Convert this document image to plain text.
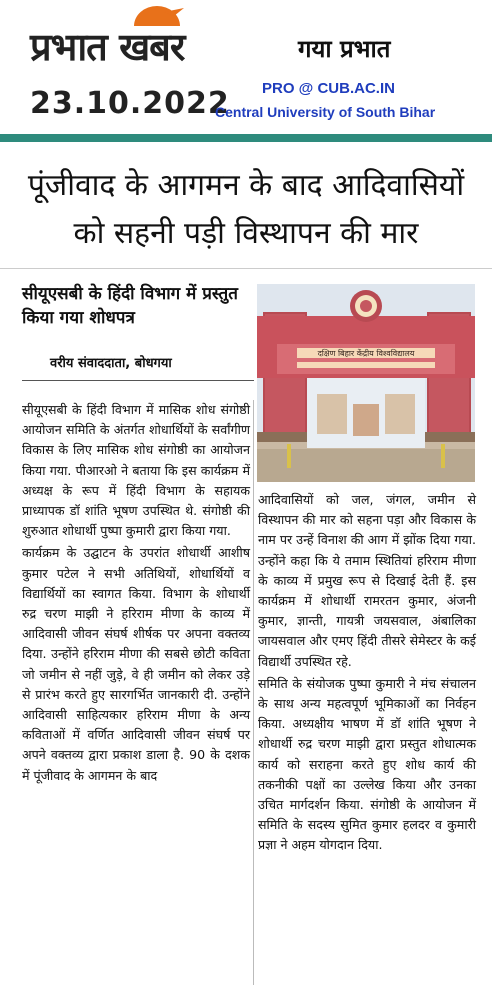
प्रभात खबर	गया प्रभात
23.10.2022 PRO @ CUB.AC.IN
Central University of South Bihar
पूंजीवाद के आगमन के बाद आदिवासियों
को सहनी पड़ी विस्थापन की मार
सीयूएसबी के हिंदी विभाग में प्रस्तुत किया गया शोधपत्र
वरीय संवाददाता, बोधगया
दक्षिण बिहार केंद्रीय विश्वविद्यालय

सीयूएसबी के हिंदी विभाग में मासिक शोध संगोष्ठी आयोजन समिति के अंतर्गत शोधार्थियों के सर्वांगीण विकास के लिए मासिक शोध संगोष्ठी का आयोजन किया गया. पीआरओ ने बताया कि इस कार्यक्रम में अध्यक्ष के रूप में हिंदी विभाग के सहायक प्राध्यापक डॉ शांति भूषण उपस्थित थे. संगोष्ठी की शुरुआत शोधार्थी पुष्पा कुमारी द्वारा किया गया.

कार्यक्रम के उद्घाटन के उपरांत शोधार्थी आशीष कुमार पटेल ने सभी अतिथियों, शोधार्थियों व विद्यार्थियों का स्वागत किया. विभाग के शोधार्थी रुद्र चरण माझी ने हरिराम मीणा के काव्य में आदिवासी जीवन संघर्ष शीर्षक पर अपना वक्तव्य दिया. उन्होंने हरिराम मीणा की सबसे छोटी कविता जो जमीन से नहीं जुड़े, वे ही जमीन को लेकर उड़े से प्रारंभ करते हुए सारगर्भित जानकारी दी. उन्होंने आदिवासी साहित्यकार हरिराम मीणा के अन्य कविताओं में वर्णित आदिवासी जीवन संघर्ष पर अपने वक्तव्य द्वारा प्रकाश डाला है. 90 के दशक में पूंजीवाद के आगमन के बाद

आदिवासियों को जल, जंगल, जमीन से विस्थापन की मार को सहना पड़ा और विकास के नाम पर उन्हें विनाश की आग में झोंक दिया गया. उन्होंने कहा कि ये तमाम स्थितियां हरिराम मीणा के काव्य में प्रमुख रूप से दिखाई देती हैं. इस कार्यक्रम में शोधार्थी रामरतन कुमार, अंजनी कुमार, ज्ञान्ती, गायत्री जयसवाल, अंबालिका जायसवाल और एमए हिंदी तीसरे सेमेस्टर के कई विद्यार्थी उपस्थित रहे.

समिति के संयोजक पुष्पा कुमारी ने मंच संचालन के साथ अन्य महत्वपूर्ण भूमिकाओं का निर्वहन किया. अध्यक्षीय भाषण में डॉ शांति भूषण ने शोधार्थी रुद्र चरण माझी द्वारा प्रस्तुत शोधात्मक कार्य को सराहना करते हुए शोध कार्य की तकनीकी पक्षों का उल्लेख किया और उनका उचित मार्गदर्शन किया. संगोष्ठी के आयोजन में समिति के सदस्य सुमित कुमार हलदर व कुमारी प्रज्ञा ने अहम योगदान दिया.
